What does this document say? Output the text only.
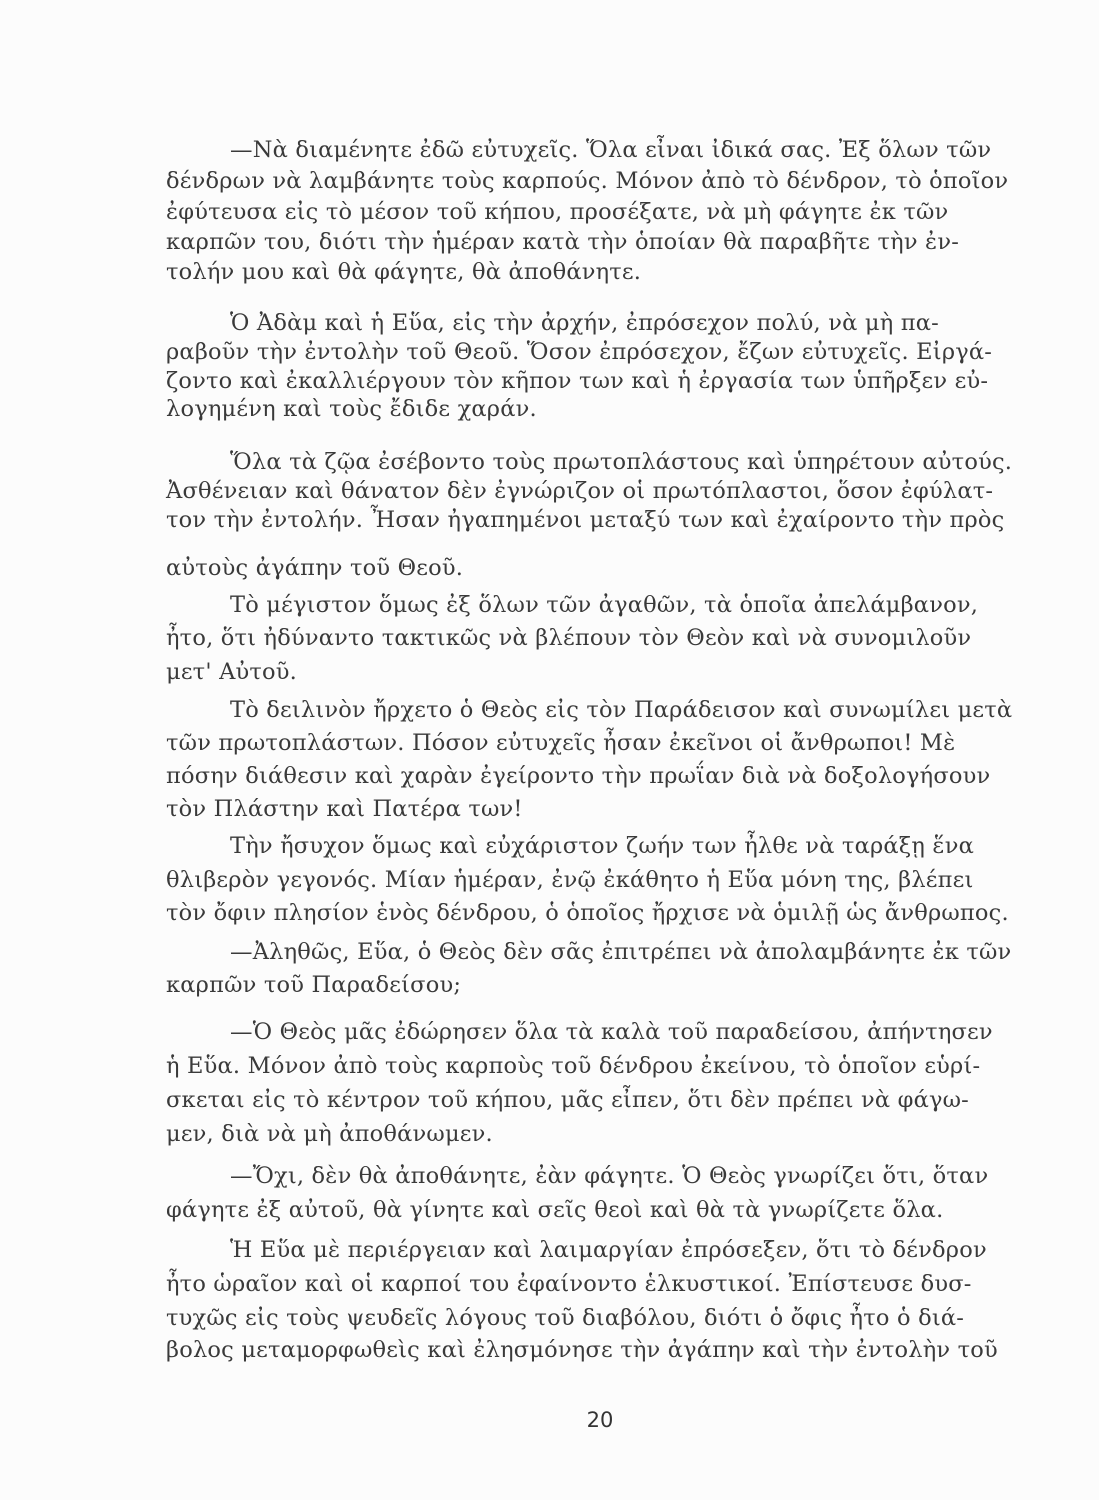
—Νὰ διαμένητε ἐδῶ εὐτυχεῖς. Ὅλα εἶναι ἰδικά σας. Ἐξ ὅλων τῶν
δένδρων νὰ λαμβάνητε τοὺς καρπούς. Μόνον ἀπὸ τὸ δένδρον, τὸ ὁποῖον
ἐφύτευσα εἰς τὸ μέσον τοῦ κήπου, προσέξατε, νὰ μὴ φάγητε ἐκ τῶν
καρπῶν του, διότι τὴν ἡμέραν κατὰ τὴν ὁποίαν θὰ παραβῆτε τὴν ἐν-
τολήν μου καὶ θὰ φάγητε, θὰ ἀποθάνητε.
Ὁ Ἀδὰμ καὶ ἡ Εὕα, εἰς τὴν ἀρχήν, ἐπρόσεχον πολύ, νὰ μὴ πα-
ραβοῦν τὴν ἐντολὴν τοῦ Θεοῦ. Ὅσον ἐπρόσεχον, ἔζων εὐτυχεῖς. Εἰργά-
ζοντο καὶ ἐκαλλιέργουν τὸν κῆπον των καὶ ἡ ἐργασία των ὑπῆρξεν εὐ-
λογημένη καὶ τοὺς ἔδιδε χαράν.
Ὅλα τὰ ζῷα ἐσέβοντο τοὺς πρωτοπλάστους καὶ ὑπηρέτουν αὐτούς.
Ἀσθένειαν καὶ θάνατον δὲν ἐγνώριζον οἱ πρωτόπλαστοι, ὅσον ἐφύλατ-
τον τὴν ἐντολήν. Ἦσαν ἠγαπημένοι μεταξύ των καὶ ἐχαίροντο τὴν πρὸς
αὐτοὺς ἀγάπην τοῦ Θεοῦ.
Τὸ μέγιστον ὅμως ἐξ ὅλων τῶν ἀγαθῶν, τὰ ὁποῖα ἀπελάμβανον,
ἦτο, ὅτι ἠδύναντο τακτικῶς νὰ βλέπουν τὸν Θεὸν καὶ νὰ συνομιλοῦν
μετ' Αὐτοῦ.
Τὸ δειλινὸν ἤρχετο ὁ Θεὸς εἰς τὸν Παράδεισον καὶ συνωμίλει μετὰ
τῶν πρωτοπλάστων. Πόσον εὐτυχεῖς ἦσαν ἐκεῖνοι οἱ ἄνθρωποι! Μὲ
πόσην διάθεσιν καὶ χαρὰν ἐγείροντο τὴν πρωΐαν διὰ νὰ δοξολογήσουν
τὸν Πλάστην καὶ Πατέρα των!
Τὴν ἤσυχον ὅμως καὶ εὐχάριστον ζωήν των ἦλθε νὰ ταράξῃ ἕνα
θλιβερὸν γεγονός. Μίαν ἡμέραν, ἐνῷ ἐκάθητο ἡ Εὕα μόνη της, βλέπει
τὸν ὄφιν πλησίον ἑνὸς δένδρου, ὁ ὁποῖος ἤρχισε νὰ ὁμιλῇ ὡς ἄνθρωπος.
—Ἀληθῶς, Εὕα, ὁ Θεὸς δὲν σᾶς ἐπιτρέπει νὰ ἀπολαμβάνητε ἐκ τῶν
καρπῶν τοῦ Παραδείσου;
—Ὁ Θεὸς μᾶς ἐδώρησεν ὅλα τὰ καλὰ τοῦ παραδείσου, ἀπήντησεν
ἡ Εὕα. Μόνον ἀπὸ τοὺς καρποὺς τοῦ δένδρου ἐκείνου, τὸ ὁποῖον εὑρί-
σκεται εἰς τὸ κέντρον τοῦ κήπου, μᾶς εἶπεν, ὅτι δὲν πρέπει νὰ φάγω-
μεν, διὰ νὰ μὴ ἀποθάνωμεν.
—Ὄχι, δὲν θὰ ἀποθάνητε, ἐὰν φάγητε. Ὁ Θεὸς γνωρίζει ὅτι, ὅταν
φάγητε ἐξ αὐτοῦ, θὰ γίνητε καὶ σεῖς θεοὶ καὶ θὰ τὰ γνωρίζετε ὅλα.
Ἡ Εὕα μὲ περιέργειαν καὶ λαιμαργίαν ἐπρόσεξεν, ὅτι τὸ δένδρον
ἦτο ὡραῖον καὶ οἱ καρποί του ἐφαίνοντο ἑλκυστικοί. Ἐπίστευσε δυσ-
τυχῶς εἰς τοὺς ψευδεῖς λόγους τοῦ διαβόλου, διότι ὁ ὄφις ἦτο ὁ διά-
βολος μεταμορφωθεὶς καὶ ἐλησμόνησε τὴν ἀγάπην καὶ τὴν ἐντολὴν τοῦ
20
